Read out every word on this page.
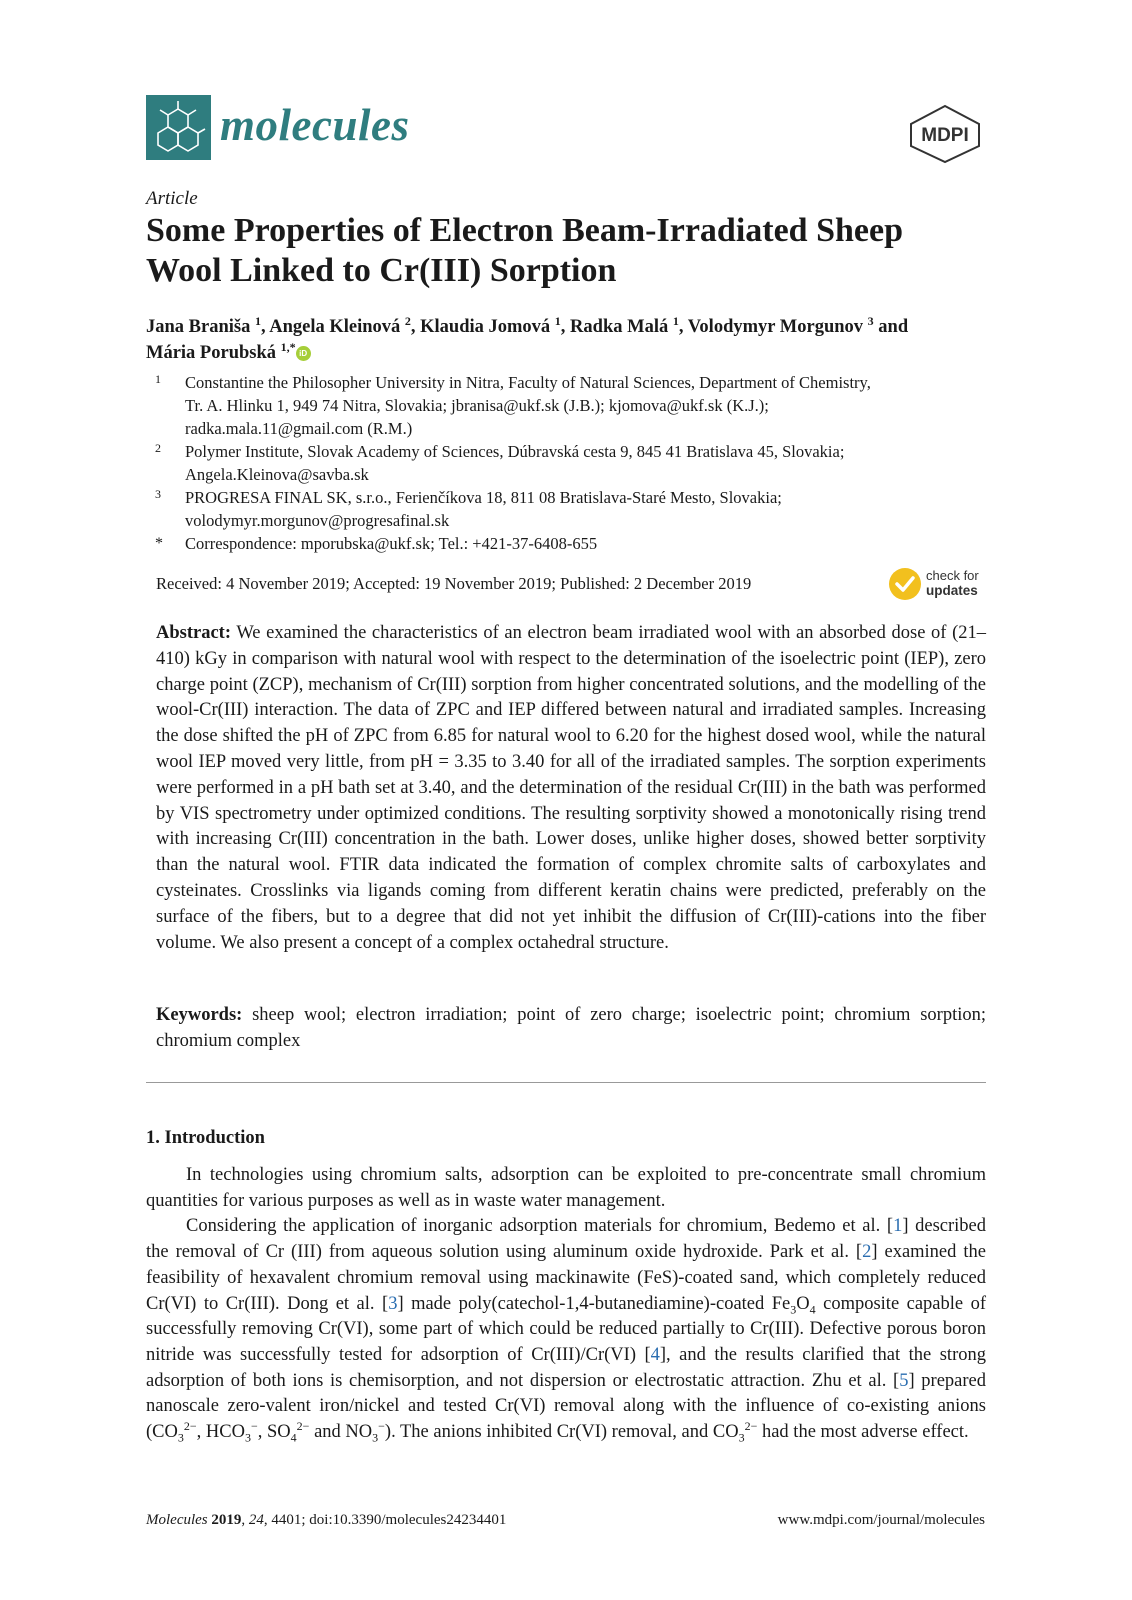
molecules	MDPI
Article
Some Properties of Electron Beam-Irradiated Sheep
Wool Linked to Cr(III) Sorption
Jana Braniša $^1$, Angela Kleinová $^2$, Klaudia Jomová $^1$, Radka Malá $^1$, Volodymyr Morgunov $^3$ and
Mária Porubská $^{1,*}$ iD
1 Constantine the Philosopher University in Nitra, Faculty of Natural Sciences, Department of Chemistry,
Tr. A. Hlinku 1, 949 74 Nitra, Slovakia; jbranisa@ukf.sk (J.B.); kjomova@ukf.sk (K.J.);
radka.mala.11@gmail.com (R.M.)
2 Polymer Institute, Slovak Academy of Sciences, Dúbravská cesta 9, 845 41 Bratislava 45, Slovakia;
Angela.Kleinova@savba.sk
3 PROGRESA FINAL SK, s.r.o., Ferienčíkova 18, 811 08 Bratislava-Staré Mesto, Slovakia;
volodymyr.morgunov@progresafinal.sk
* Correspondence: mporubska@ukf.sk; Tel.: +421-37-6408-655
Received: 4 November 2019; Accepted: 19 November 2019; Published: 2 December 2019	check for
updates
Abstract: We examined the characteristics of an electron beam irradiated wool with an absorbed dose of (21–410) kGy in comparison with natural wool with respect to the determination of the isoelectric point (IEP), zero charge point (ZCP), mechanism of Cr(III) sorption from higher concentrated solutions, and the modelling of the wool-Cr(III) interaction. The data of ZPC and IEP differed between natural and irradiated samples. Increasing the dose shifted the pH of ZPC from 6.85 for natural wool to 6.20 for the highest dosed wool, while the natural wool IEP moved very little, from pH = 3.35 to 3.40 for all of the irradiated samples. The sorption experiments were performed in a pH bath set at 3.40, and the determination of the residual Cr(III) in the bath was performed by VIS spectrometry under optimized conditions. The resulting sorptivity showed a monotonically rising trend with increasing Cr(III) concentration in the bath. Lower doses, unlike higher doses, showed better sorptivity than the natural wool. FTIR data indicated the formation of complex chromite salts of carboxylates and cysteinates. Crosslinks via ligands coming from different keratin chains were predicted, preferably on the surface of the fibers, but to a degree that did not yet inhibit the diffusion of Cr(III)-cations into the fiber volume. We also present a concept of a complex octahedral structure.
Keywords: sheep wool; electron irradiation; point of zero charge; isoelectric point; chromium sorption; chromium complex
1. Introduction

In technologies using chromium salts, adsorption can be exploited to pre-concentrate small chromium quantities for various purposes as well as in waste water management.

Considering the application of inorganic adsorption materials for chromium, Bedemo et al. [1] described the removal of Cr (III) from aqueous solution using aluminum oxide hydroxide. Park et al. [2] examined the feasibility of hexavalent chromium removal using mackinawite (FeS)-coated sand, which completely reduced Cr(VI) to Cr(III). Dong et al. [3] made poly(catechol-1,4-butanediamine)-coated $Fe_3O_4$ composite capable of successfully removing Cr(VI), some part of which could be reduced partially to Cr(III). Defective porous boron nitride was successfully tested for adsorption of Cr(III)/Cr(VI) [4], and the results clarified that the strong adsorption of both ions is chemisorption, and not dispersion or electrostatic attraction. Zhu et al. [5] prepared nanoscale zero-valent iron/nickel and tested Cr(VI) removal along with the influence of co-existing anions ($CO_3^{2-}$, $HCO_3^-$, $SO_4^{2-}$ and $NO_3^-$). The anions inhibited Cr(VI) removal, and $CO_3^{2-}$ had the most adverse effect.

Molecules 2019, 24, 4401; doi:10.3390/molecules24234401	www.mdpi.com/journal/molecules
